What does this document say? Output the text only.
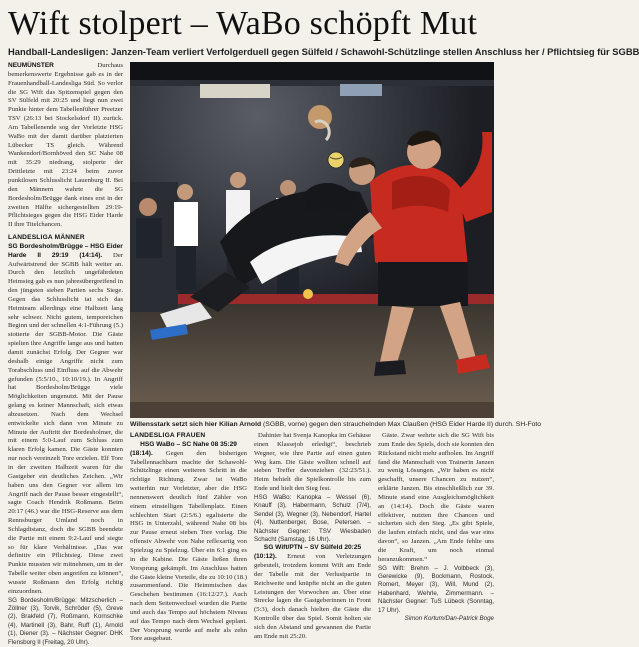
Wift stolpert – WaBo schöpft Mut
Handball-Landesligen: Janzen-Team verliert Verfolgerduell gegen Sülfeld / Schawohl-Schützlinge stellen Anschluss her / Pflichtsieg für SGBB

NEUMÜNSTER	Durchaus bemerkenswerte Ergebnisse gab es in der Frauenhandball-Landesliga Süd. So verlor die SG Wift das Spitzenspiel gegen den SV Sülfeld mit 20:25 und liegt nun zwei Punkte hinter dem Tabellenführer Preetzer TSV (26:13 bei Stockelsdorf II) zurück. Am Tabellenende sog der Vorletzte HSG WaBo mit der damit darüber platzierten Lübecker TS gleich. Während Wankendorf/Bornhöved den SC Nahe 08 mit 35:29 niedrang, stolperte der Drittletzte mit 23:24 beim zuvor punktlosen Schlusslicht Lauenburg II. Bei den Männern wahrte die SG Bordesholm/Brügge dank eines erst in der zweiten Hälfte sichergestellten 29:19-Pflichtsieges gegen die HSG Eider Harde II ihre Titelchancen.

LANDESLIGA MÄNNER

SG Bordesholm/Brügge – HSG Eider

Harde II 29:19 (14:14). Der Aufwärtstrend der SGBB hält weiter an. Durch den letztlich ungefährdeten Heimsieg gab es nun jahresübergreifend in den jüngsten sieben Partien sechs Siege. Gegen das Schlusslicht tat sich das Heimteam allerdings eine Halbzeit lang sehr schwer. Nicht gutem, temporeichen Beginn und der schnellen 4:1-Führung (5.) stotterte der SGBB-Motor. Die Gäste spielten ihre Angriffe lange aus und hatten damit zunächst Erfolg. Der Gegner war deshalb einige Angriffe nicht zum Torabschluss und Einfluss auf die Abwehr gefunden (5:5/10., 10:10/19.). In Angriff hat Bordesholm/Brügge viele Möglichkeiten ungenutzt. Mit der Pause gelang es keiner Mannschaft, sich etwas abzusetzen. Nach dem Wechsel entwickelte sich dann von Minute zu Minute der Auftritt der Bordesholmer, die mit einem 5:0-Lauf zum Schluss zum klaren Erfolg kamen. Die Gäste konnten nur noch vereinzelt Tore erzielen. Elf Tore in der zweiten Halbzeit waren für die Gastgeber ein deutliches Zeichen. „Wir haben uns den Gegner vor allem im Angriff nach der Pause besser eingestellt“, sagte Coach Hendrik Roßmann. Beim 20:17 (46.) war die HSG-Reserve aus dem Rennsburger Umland noch in Schlagdistanz, doch die SGBB beendete die Partie mit einem 9:2-Lauf und siegte so für klare Verhältnisse. „Das war definitiv ein Pflichtsieg. Diese zwei Punkte mussten wir mitnehmen, um in der Tabelle weiter oben angreifen zu können“, wusste Roßmann den Erfolg richtig einzuordnen.

SG Bordesholm/Brügge: Mitzscherlich – Zöllner (3), Torvik, Schröder (5), Greve (2), Brakfeld (7), Roßmann, Kornschke (4), Martinell (3), Bahr, Ruff (1), Arnold (1), Diener (3). – Nächster Gegner: DHK Flensborg II (Freitag, 20 Uhr).

Willensstark setzt sich hier Kilian Arnold (SGBB, vorne) gegen den strauchelnden Max Claußen (HSG Eider Harde II) durch. SH-Foto

LANDESLIGA FRAUEN

HSG WaBo – SC Nahe 08 35:29

(18:14). Gegen den bisherigen Tabellennachbarn machte der Schawohl-Schützlinge einen weiteren Schritt in die richtige Richtung. Zwar ist WaBo weiterhin nur Vorletzter, aber die HSG nennenswert deutlich fünf Zähler von einem einstelligen Tabellenplatz. Einen schlechten Start (2:5/6.) egalisierte die HSG in Unterzahl, während Nahe 08 bis zur Pause erneut sieben Tore vorlag. Die offensiv Abwehr von Nahe reflexartig von Spielzug zu Spielzug. Über ein 6:1 ging es in die Kabine. Die Gäste ließen ihren Vorsprung gekämpft. Im Anschluss hatten die Gäste kleine Vorteile, die zu 10:10 (18.) zusammenfand. Die Heimmischen das Geschehen bestimmen (16:12/27.). Auch nach dem Seitenwechsel wurden die Partie und auch das Tempo auf höchstem Niveau auf das Tempo nach dem Wechsel geplant. Der Vorsprung wurde auf mehr als zehn Tore ausgebaut.

Dahinter hat Svenja Kanopka im Gehäuse einen Klassejob erledigt“, beschrieb Wegner, wie ihre Partie auf einen guten Weg kam. Die Gäste wollten schnell auf sieben Treffer davonziehen (32:23/51.). Heim behielt die Spielkontrolle bis zum Ende und hielt den Sieg fest.

HSG WaBo: Kanopka – Wessel (6), Knauff (3), Habermann, Schulz (7/4), Sendel (3), Wegner (3), Nebendorf, Hartel (4), Nuttenberger, Bose, Petersen. – Nächster Gegner: TSV Wiesbaden Schacht (Samstag, 16 Uhr).

SG Wift/PTN – SV Sülfeld 20:25

(10:12). Erneut von Verletzungen gebeutelt, trotzdem kommt Wift am Ende der Tabelle mit der Verlustpartie in Reichweite und knüpfte nicht an die guten Leistungen der Vorwochen an. Über eine Strecke lagen die Gastgeberinnen in Front (5:3), doch danach hielten die Gäste die Kontrolle über das Spiel. Somit holten sie sich den Abstand und gewannen die Partie am Ende mit 25:20.

Gäste. Zwar wehrte sich die SG Wift bis zum Ende des Spiels, doch sie konnten den Rückstand nicht mehr aufholen. Im Angriff fand die Mannschaft von Trainerin Janzen zu wenig Lösungen. „Wir haben es nicht geschafft, unsere Chancen zu nutzen“, erklärte Janzen. Bis einschließlich zur 39. Minute stand eine Ausgleichsmöglichkeit an (14:14). Doch die Gäste waren effektiver, nutzten ihre Chancen und sicherten sich den Sieg. „Es gibt Spiele, die laufen einfach nicht, und das war eins davon“, so Janzen. „Am Ende fehlte uns die Kraft, um noch einmal heranzukommen.“

SG Wift: Brehm – J. Volbbeck (3), Gerewicke (9), Bockmann, Rostock, Romert, Meyer (3), Will, Mund (2), Habenhard, Wehrle, Zimmermann. – Nächster Gegner: TuS Lübeck (Sonntag, 17 Uhr).

Simon Kortum/Dan-Patrick Boge
